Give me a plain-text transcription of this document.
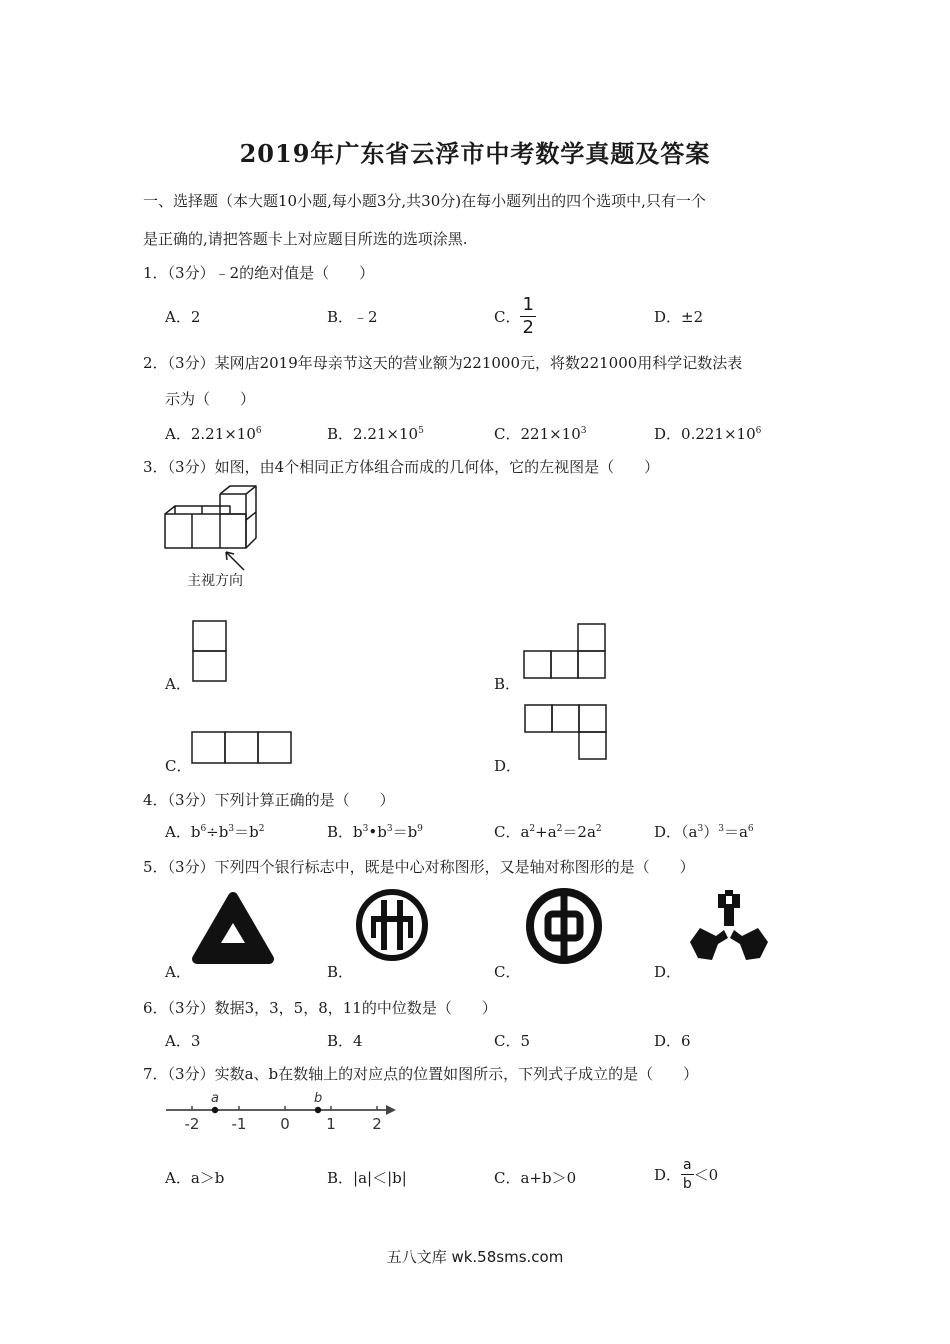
2019年广东省云浮市中考数学真题及答案
一、选择题（本大题10小题,每小题3分,共30分)在每小题列出的四个选项中,只有一个
是正确的,请把答题卡上对应题目所选的选项涂黑.
1．（3分）﹣2的绝对值是（　　）
A．2	B．﹣2	C． $\frac{1}{2}$	D．±2
2．（3分）某网店2019年母亲节这天的营业额为221000元，将数221000用科学记数法表
示为（　　）
A．$2.21\times 10^6$	B．$2.21\times 10^5$	C．$221\times 10^3$	D．$0.221\times 10^6$
3．（3分）如图，由4个相同正方体组合而成的几何体，它的左视图是（　　）
主视方向
A．	B．
C．	D．
4．（3分）下列计算正确的是（　　）
A．$b^6\div b^3=b^2$	B．$b^3•b^3=b^9$	C．$a^2+a^2=2a^2$	D．$(a^3)^3=a^6$
5．（3分）下列四个银行标志中，既是中心对称图形，又是轴对称图形的是（　　）
A．	B．	C．	D．
6．（3分）数据3，3，5，8，11的中位数是（　　）
A．3	B．4	C．5	D．6
7．（3分）实数a、b在数轴上的对应点的位置如图所示，下列式子成立的是（　　）
a	b
-2 -1 0 1 2
A．a＞b	B．|a|＜|b|	C．a+b＞0	D． $\frac{a}{b} <0$
五八文库 wk.58sms.com
